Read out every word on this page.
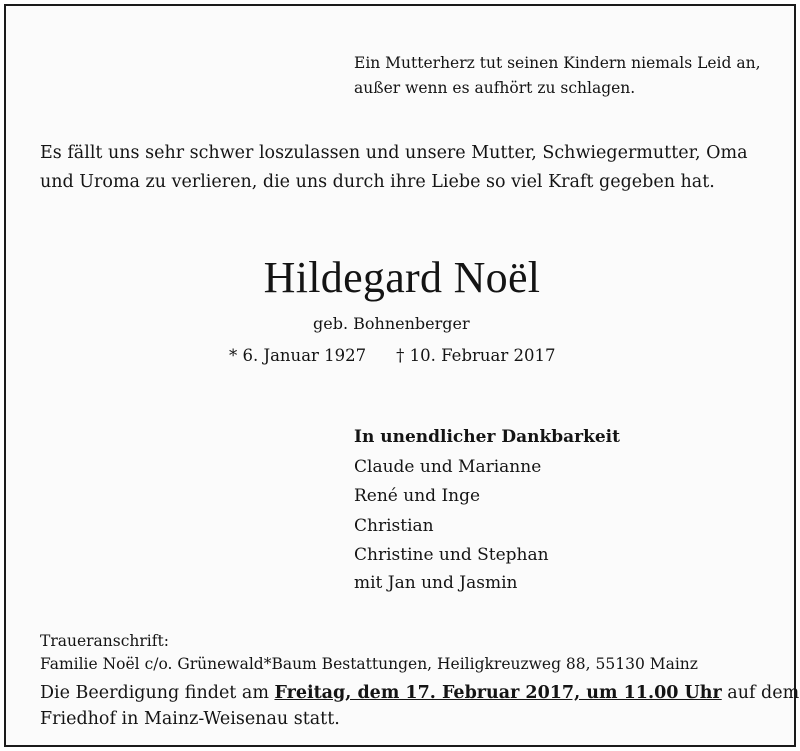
Ein Mutterherz tut seinen Kindern niemals Leid an,
außer wenn es aufhört zu schlagen.
Es fällt uns sehr schwer loszulassen und unsere Mutter, Schwiegermutter, Oma
und Uroma zu verlieren, die uns durch ihre Liebe so viel Kraft gegeben hat.
Hildegard Noël
geb. Bohnenberger
* 6. Januar 1927 † 10. Februar 2017
In unendlicher Dankbarkeit
Claude und Marianne
René und Inge
Christian
Christine und Stephan
mit Jan und Jasmin
Traueranschrift:
Familie Noël c/o. Grünewald*Baum Bestattungen, Heiligkreuzweg 88, 55130 Mainz
Die Beerdigung findet am Freitag, dem 17. Februar 2017, um 11.00 Uhr auf dem
Friedhof in Mainz-Weisenau statt.
